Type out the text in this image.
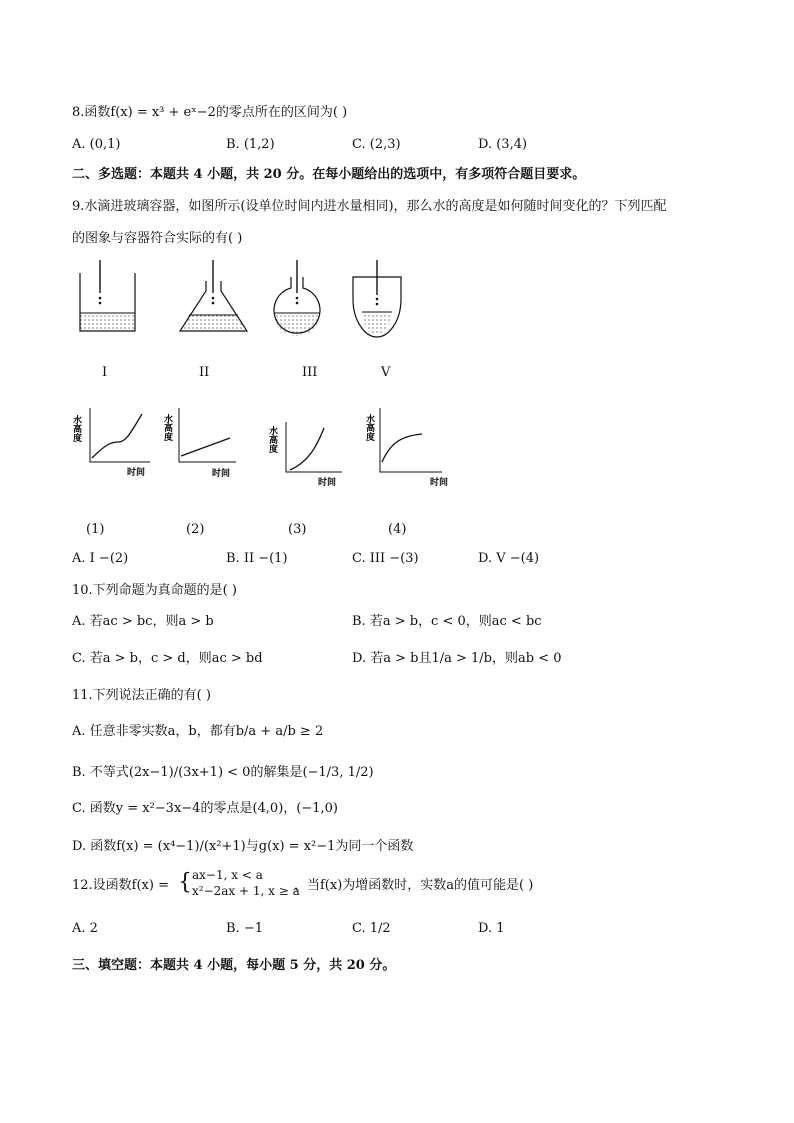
8.函数f(x) = x³ + eˣ−2的零点所在的区间为( )
A. (0,1)	B. (1,2)	C. (2,3)	D. (3,4)
二、多选题：本题共 4 小题，共 20 分。在每小题给出的选项中，有多项符合题目要求。
9.水滴进玻璃容器，如图所示(设单位时间内进水量相同)，那么水的高度是如何随时间变化的？下列匹配
的图象与容器符合实际的有( )
I	II	III	V
水高度
时间
水高度
时间
水高度
时间
水高度
时间
(1)	(2)	(3)	(4)
A. I −(2)	B. II −(1)	C. III −(3)	D. V −(4)
10.下列命题为真命题的是( )
A. 若ac > bc，则a > b	B. 若a > b，c < 0，则ac < bc
C. 若a > b，c > d，则ac > bd	D. 若a > b且1/a > 1/b，则ab < 0
11.下列说法正确的有( )
A. 任意非零实数a，b，都有b/a + a/b ≥ 2
B. 不等式(2x−1)/(3x+1) < 0的解集是(−1/3, 1/2)
C. 函数y = x²−3x−4的零点是(4,0)，(−1,0)
D. 函数f(x) = (x⁴−1)/(x²+1)与g(x) = x²−1为同一个函数
12.设函数f(x) = { ax−1, x < a
x²−2ax + 1, x ≥ a
，当f(x)为增函数时，实数a的值可能是( )
A. 2	B. −1	C. 1/2	D. 1
三、填空题：本题共 4 小题，每小题 5 分，共 20 分。
